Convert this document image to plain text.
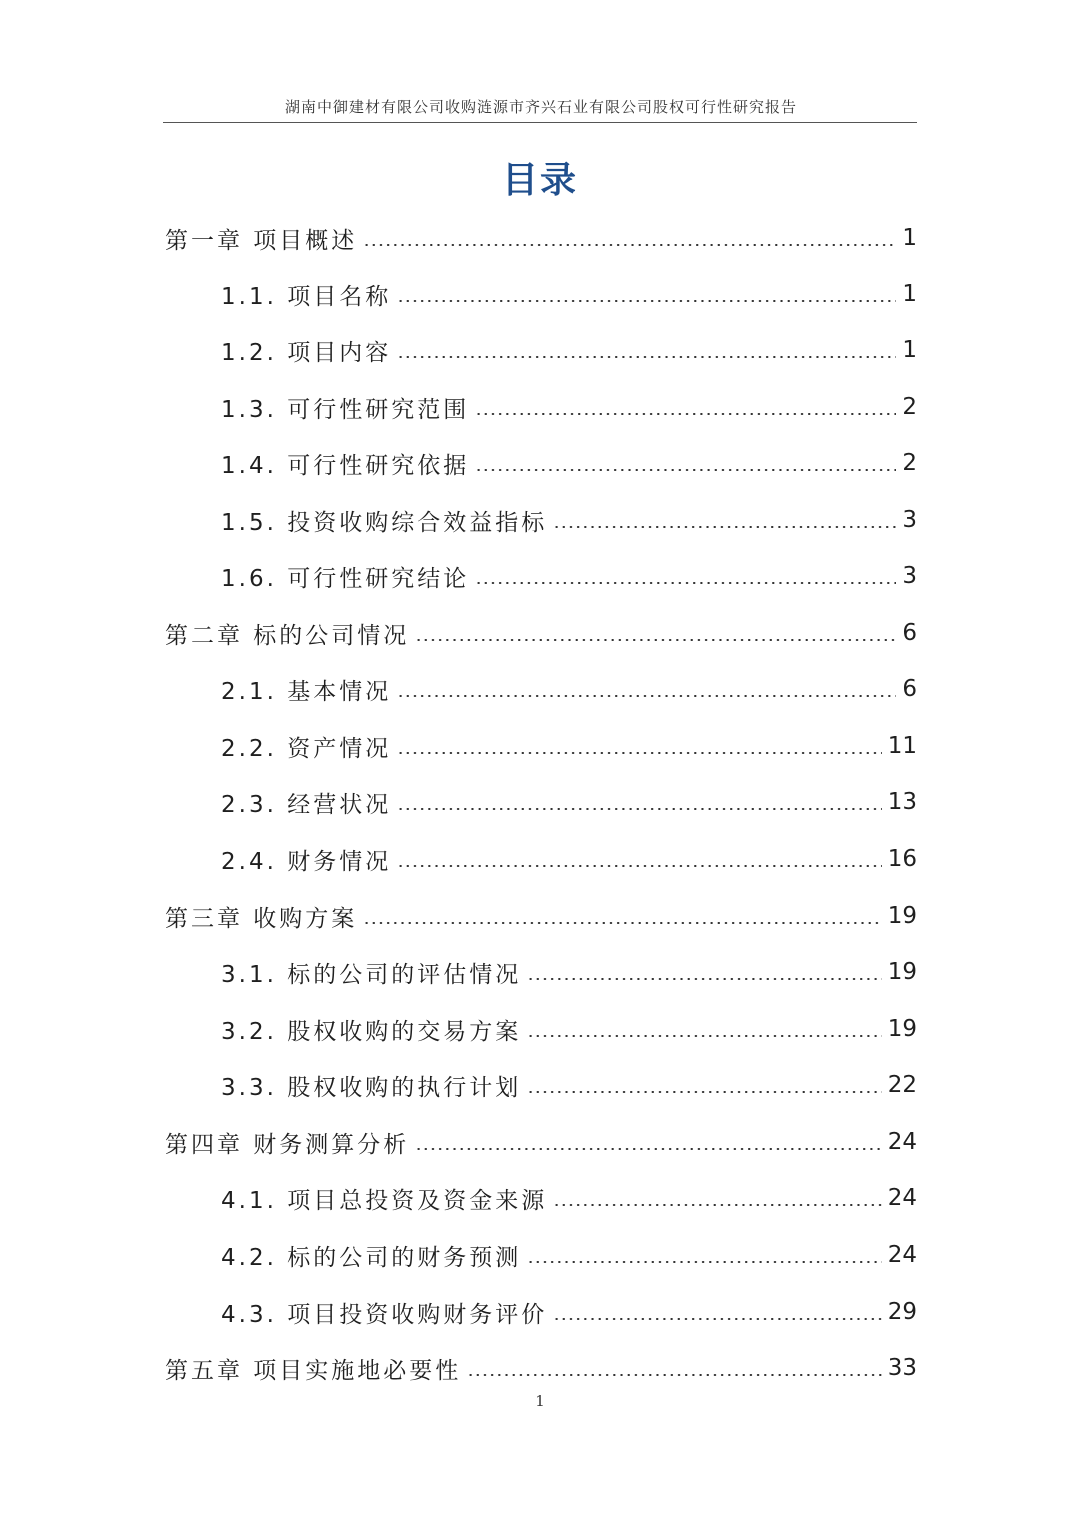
湖南中御建材有限公司收购涟源市齐兴石业有限公司股权可行性研究报告
目录
第一章 项目概述	1
1.1. 项目名称	1
1.2. 项目内容	1
1.3. 可行性研究范围	2
1.4. 可行性研究依据	2
1.5. 投资收购综合效益指标	3
1.6. 可行性研究结论	3
第二章 标的公司情况	6
2.1. 基本情况	6
2.2. 资产情况	11
2.3. 经营状况	13
2.4. 财务情况	16
第三章 收购方案	19
3.1. 标的公司的评估情况	19
3.2. 股权收购的交易方案	19
3.3. 股权收购的执行计划	22
第四章 财务测算分析	24
4.1. 项目总投资及资金来源	24
4.2. 标的公司的财务预测	24
4.3. 项目投资收购财务评价	29
第五章 项目实施地必要性	33
1
